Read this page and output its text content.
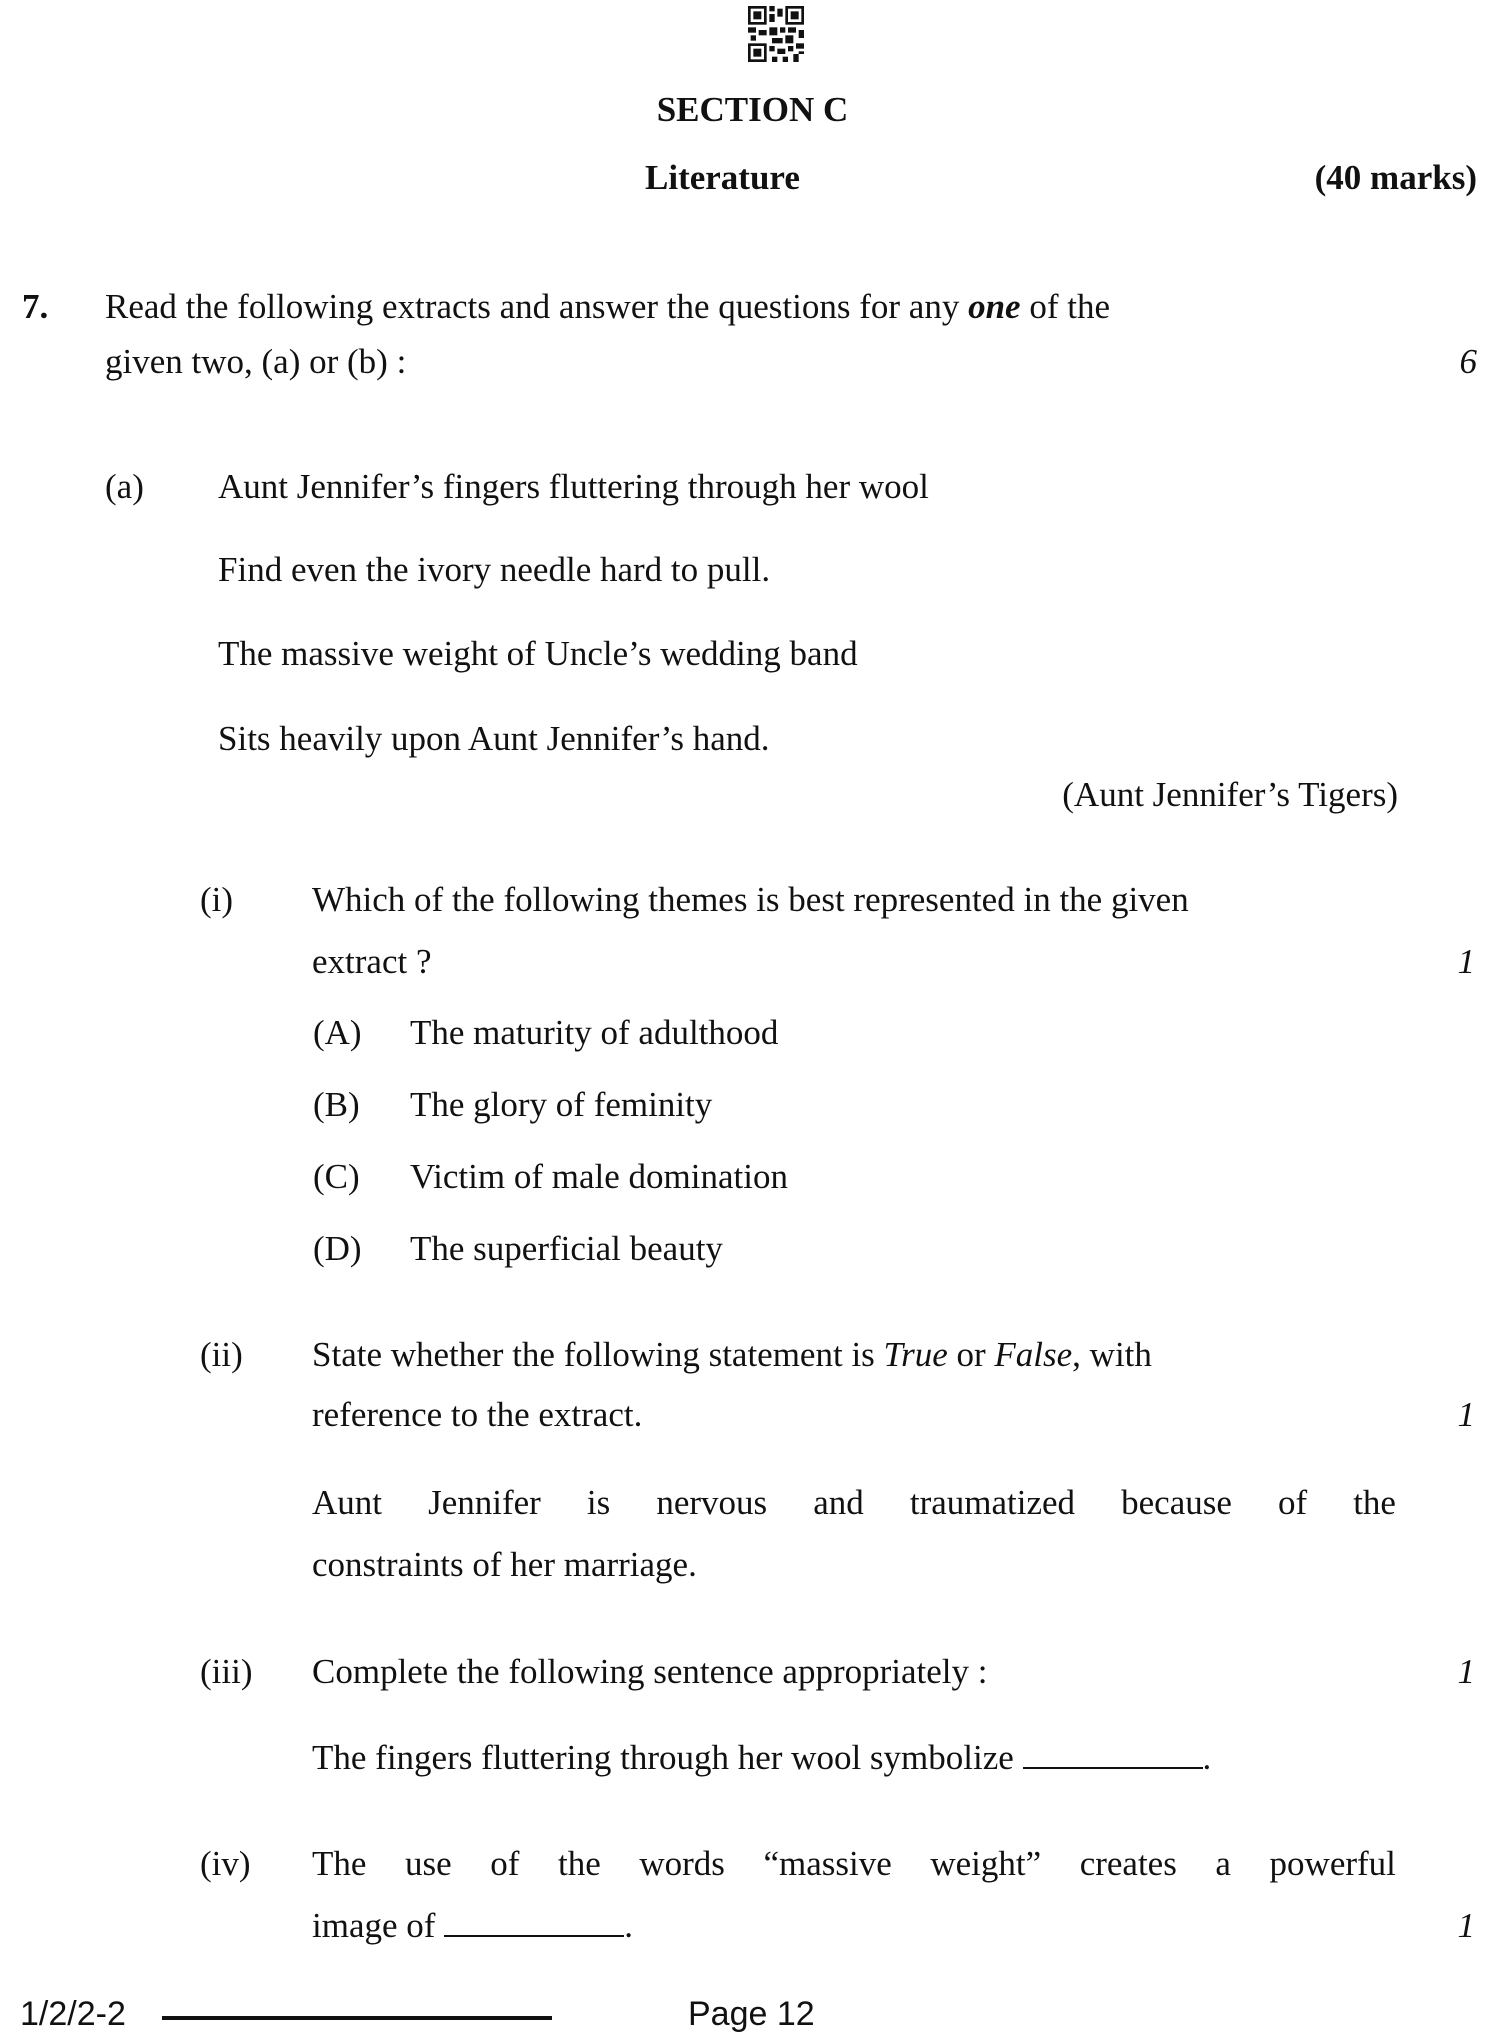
SECTION C
Literature	(40 marks)
7. Read the following extracts and answer the questions for any one of the
given two, (a) or (b) :	6
(a) Aunt Jennifer’s fingers fluttering through her wool
Find even the ivory needle hard to pull.
The massive weight of Uncle’s wedding band
Sits heavily upon Aunt Jennifer’s hand.
(Aunt Jennifer’s Tigers)
(i) Which of the following themes is best represented in the given
extract ?	1
(A) The maturity of adulthood
(B) The glory of feminity
(C) Victim of male domination
(D) The superficial beauty
(ii) State whether the following statement is True or False, with
reference to the extract.	1
Aunt Jennifer is nervous and traumatized because of the
constraints of her marriage.
(iii) Complete the following sentence appropriately :	1
The fingers fluttering through her wool symbolize	.
(iv) The use of the words “massive weight” creates a powerful
image of	.	1
1/2/2-2	Page 12
